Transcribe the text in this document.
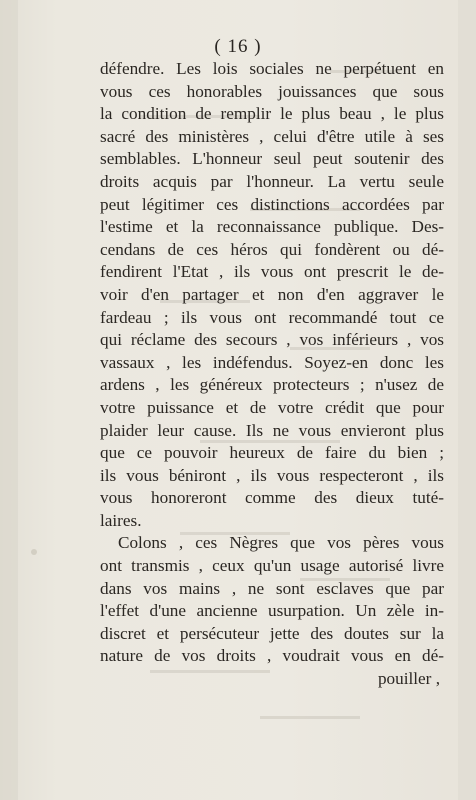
( 16 )
défendre. Les lois sociales ne perpétuent en
vous ces honorables jouissances que sous
la condition de remplir le plus beau , le plus
sacré des ministères , celui d'être utile à ses
semblables. L'honneur seul peut soutenir des
droits acquis par l'honneur. La vertu seule
peut légitimer ces distinctions accordées par
l'estime et la reconnaissance publique. Des-
cendans de ces héros qui fondèrent ou dé-
fendirent l'Etat , ils vous ont prescrit le de-
voir d'en partager et non d'en aggraver le
fardeau ; ils vous ont recommandé tout ce
qui réclame des secours , vos inférieurs , vos
vassaux , les indéfendus. Soyez-en donc les
ardens , les généreux protecteurs ; n'usez de
votre puissance et de votre crédit que pour
plaider leur cause. Ils ne vous envieront plus
que ce pouvoir heureux de faire du bien ;
ils vous béniront , ils vous respecteront , ils
vous honoreront comme des dieux tuté-
laires.
Colons , ces Nègres que vos pères vous
ont transmis , ceux qu'un usage autorisé livre
dans vos mains , ne sont esclaves que par
l'effet d'une ancienne usurpation. Un zèle in-
discret et persécuteur jette des doutes sur la
nature de vos droits , voudrait vous en dé-
pouiller ,
